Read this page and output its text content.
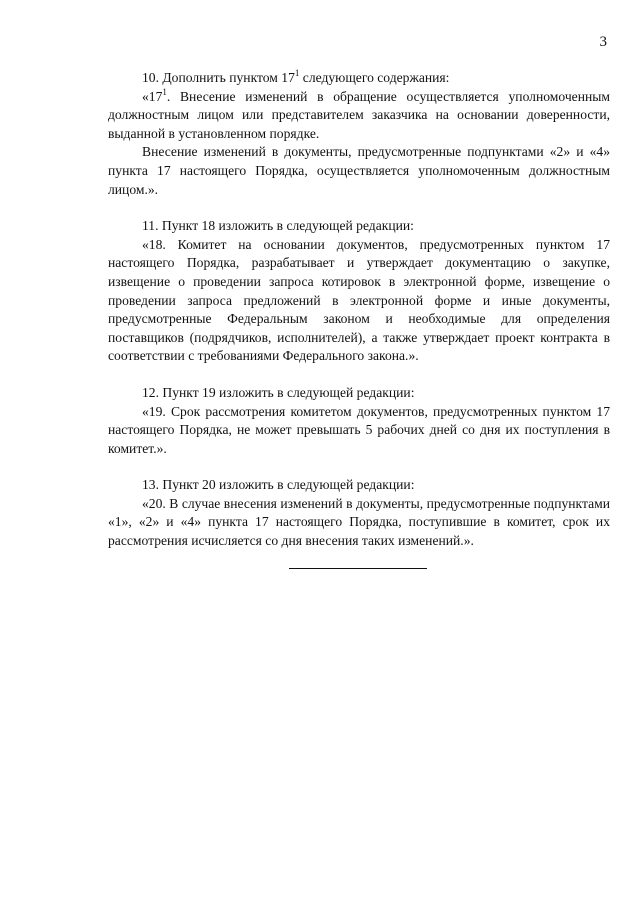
3

10. Дополнить пунктом $17^1$ следующего содержания:

«$17^1$. Внесение изменений в обращение осуществляется уполномоченным должностным лицом или представителем заказчика на основании доверенности, выданной в установленном порядке.

Внесение изменений в документы, предусмотренные подпунктами «2» и «4» пункта 17 настоящего Порядка, осуществляется уполномоченным должностным лицом.».

11. Пункт 18 изложить в следующей редакции:

«18. Комитет на основании документов, предусмотренных пунктом 17 настоящего Порядка, разрабатывает и утверждает документацию о закупке, извещение о проведении запроса котировок в электронной форме, извещение о проведении запроса предложений в электронной форме и иные документы, предусмотренные Федеральным законом и необходимые для определения поставщиков (подрядчиков, исполнителей), а также утверждает проект контракта в соответствии с требованиями Федерального закона.».

12. Пункт 19 изложить в следующей редакции:

«19. Срок рассмотрения комитетом документов, предусмотренных пунктом 17 настоящего Порядка, не может превышать 5 рабочих дней со дня их поступления в комитет.».

13. Пункт 20 изложить в следующей редакции:

«20. В случае внесения изменений в документы, предусмотренные подпунктами «1», «2» и «4» пункта 17 настоящего Порядка, поступившие в комитет, срок их рассмотрения исчисляется со дня внесения таких изменений.».
